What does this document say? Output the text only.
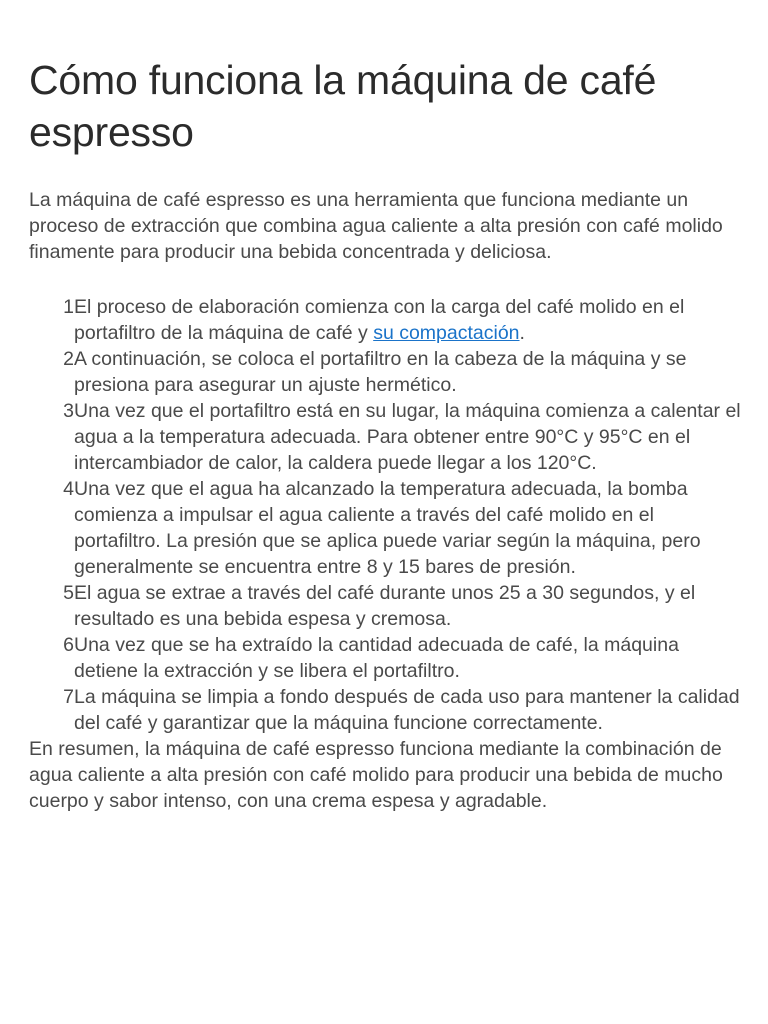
Cómo funciona la máquina de café espresso

La máquina de café espresso es una herramienta que funciona mediante un proceso de extracción que combina agua caliente a alta presión con café molido finamente para producir una bebida concentrada y deliciosa.

1 El proceso de elaboración comienza con la carga del café molido en el portafiltro de la máquina de café y su compactación.
2 A continuación, se coloca el portafiltro en la cabeza de la máquina y se presiona para asegurar un ajuste hermético.
3 Una vez que el portafiltro está en su lugar, la máquina comienza a calentar el agua a la temperatura adecuada. Para obtener entre 90°C y 95°C en el intercambiador de calor, la caldera puede llegar a los 120°C.
4 Una vez que el agua ha alcanzado la temperatura adecuada, la bomba comienza a impulsar el agua caliente a través del café molido en el portafiltro. La presión que se aplica puede variar según la máquina, pero generalmente se encuentra entre 8 y 15 bares de presión.
5 El agua se extrae a través del café durante unos 25 a 30 segundos, y el resultado es una bebida espesa y cremosa.
6 Una vez que se ha extraído la cantidad adecuada de café, la máquina detiene la extracción y se libera el portafiltro.
7 La máquina se limpia a fondo después de cada uso para mantener la calidad del café y garantizar que la máquina funcione correctamente.

En resumen, la máquina de café espresso funciona mediante la combinación de agua caliente a alta presión con café molido para producir una bebida de mucho cuerpo y sabor intenso, con una crema espesa y agradable.
